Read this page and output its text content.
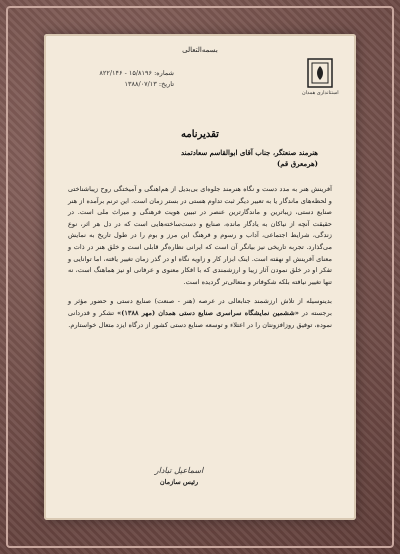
بسمه‌التعالی
شماره: ۱۵/۸۱۹۶ - ۸۲۲/۱۴۶
تاریخ: ۱۳۸۸/۰۷/۱۳
اسنتانداری همدان
تقدیرنامه
هنرمند صنعتگر، جناب آقای ابوالقاسم سعادتمند
(هرمعرق قم)

آفرینش هنر به مدد دست و نگاه هنرمند جلوه‌ای بی‌بدیل از هم‌اهنگی و آمیختگی روح زیباشناختی و لحظه‌های ماندگار یا به تعبیر دیگر ثبت تداوم هستی در بستر زمان است. این ترنم برآمده از هنر صنایع دستی، زیباترین و ماندگارترین عنصر در تبیین هویت فرهنگی و میراث ملی است. در حقیقت آنچه از نیاکان به یادگار مانده، صنایع و دست‌ساخته‌هایی است که در دل هر اثر، نوع زندگی، شرایط اجتماعی، آداب و رسوم و فرهنگ این مرز و بوم را در طول تاریخ به نمایش می‌گذارد. تجربه تاریخی نیز بیانگر آن است که ایرانی نظاره‌گر قابلی است و خلق هنر در ذات و معنای آفرینش او نهفته است. اینک ابزار کار و زاویه نگاه او در گذر زمان تغییر یافته، اما توانایی و تفکر او در خلق نمودن آثار زیبا و ارزشمندی که با افکار معنوی و عرفانی او نیز هماهنگ است، نه تنها تغییر نیافته بلکه شکوفاتر و متعالی‌تر گردیده است.

بدینوسیله از تلاش ارزشمند جنابعالی در عرصه (هنر - صنعت) صنایع دستی و حضور مؤثر و برجسته در «ششمین نمایشگاه سراسری صنایع دستی همدان (مهر ۱۳۸۸)» تشکر و قدردانی نموده، توفیق روزافزونتان را در اعتلاء و توسعه صنایع دستی کشور از درگاه ایزد متعال خواستارم.

اسماعیل تبادار
رئیس سازمان
